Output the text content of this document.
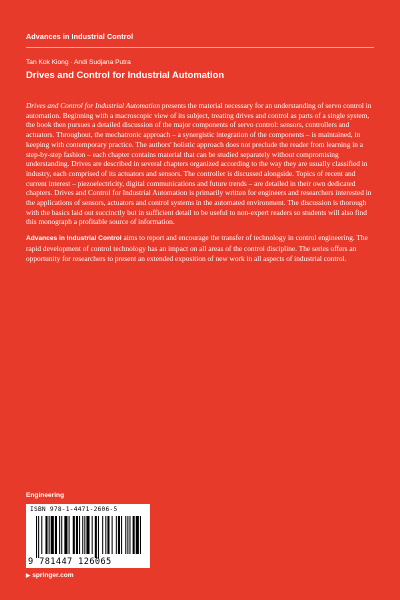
Advances in Industrial Control
Tan Kok Kiong · Andi Sudjana Putra
Drives and Control for Industrial Automation

Drives and Control for Industrial Automation presents the material necessary for an understanding of servo control in automation. Beginning with a macroscopic view of its subject, treating drives and control as parts of a single system, the book then pursues a detailed discussion of the major components of servo control: sensors, controllers and actuators. Throughout, the mechatronic approach – a synergistic integration of the components – is maintained, in keeping with contemporary practice. The authors' holistic approach does not preclude the reader from learning in a step-by-step fashion – each chapter contains material that can be studied separately without compromising understanding. Drives are described in several chapters organized according to the way they are usually classified in industry, each comprised of its actuators and sensors. The controller is discussed alongside. Topics of recent and current interest – piezoelectricity, digital communications and future trends – are detailed in their own dedicated chapters. Drives and Control for Industrial Automation is primarily written for engineers and researchers interested in the applications of sensors, actuators and control systems in the automated environment. The discussion is thorough with the basics laid out succinctly but in sufficient detail to be useful to non-expert readers so students will also find this monograph a profitable source of information.

Advances in Industrial Control aims to report and encourage the transfer of technology in control engineering. The rapid development of control technology has an impact on all areas of the control discipline. The series offers an opportunity for researchers to present an extended exposition of new work in all aspects of industrial control.

Engineering
ISBN 978-1-4471-2606-5
9 781447 126065
▶ springer.com
